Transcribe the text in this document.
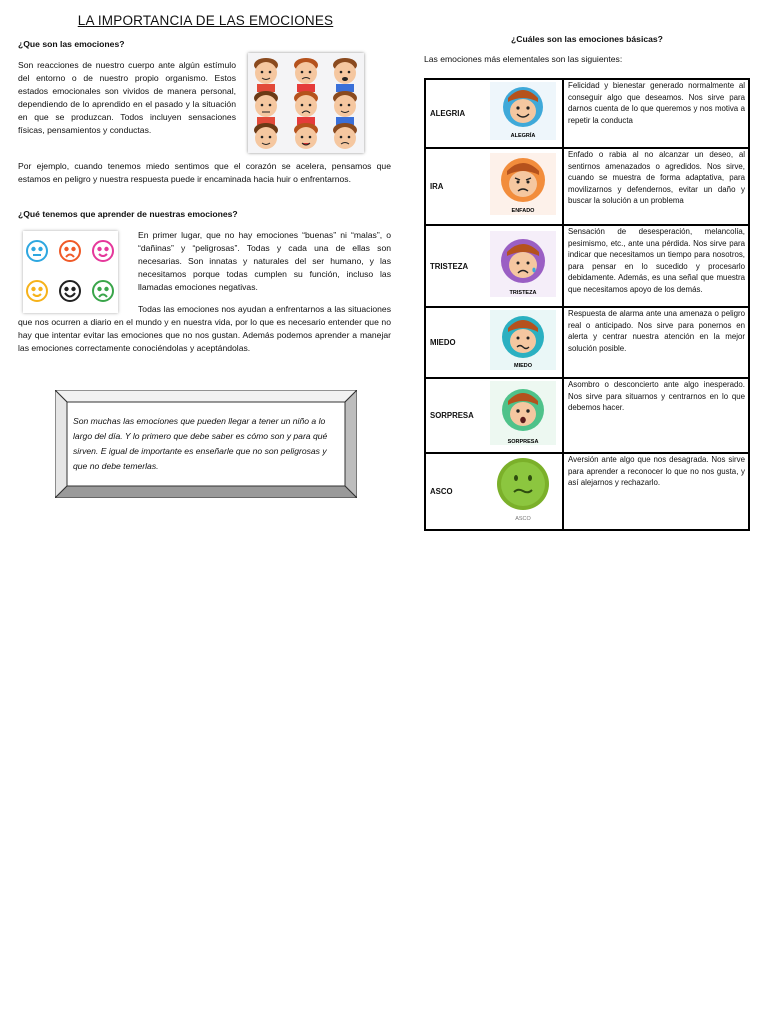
LA IMPORTANCIA DE LAS EMOCIONES
¿Que son las emociones?
Son reacciones de nuestro cuerpo ante algún estímulo del entorno o de nuestro propio organismo. Estos estados emocionales son vividos de manera personal, dependiendo de lo aprendido en el pasado y la situación en que se produzcan. Todos incluyen sensaciones físicas, pensamientos y conductas.
Por ejemplo, cuando tenemos miedo sentimos que el corazón se acelera, pensamos que estamos en peligro y nuestra respuesta puede ir encaminada hacia huir o enfrentarnos.
¿Qué tenemos que aprender de nuestras emociones?
En primer lugar, que no hay emociones “buenas” ni “malas”, o “dañinas” y “peligrosas”. Todas y cada una de ellas son necesarias. Son innatas y naturales del ser humano, y las necesitamos porque todas cumplen su función, incluso las llamadas emociones negativas.
Todas las emociones nos ayudan a enfrentarnos a las situaciones que nos ocurren a diario en el mundo y en nuestra vida, por lo que es necesario entender que no hay que intentar evitar las emociones que no nos gustan. Además podemos aprender a manejar las emociones correctamente conociéndolas y aceptándolas.
Son muchas las emociones que pueden llegar a tener un niño a lo largo del día. Y lo primero que debe saber es cómo son y para qué sirven. E igual de importante es enseñarle que no son peligrosas y que no debe temerlas.
¿Cuáles son las emociones básicas?
Las emociones más elementales son las siguientes:
ALEGRIA	ALEGRÍA	Felicidad y bienestar generado normalmente al conseguir algo que deseamos. Nos sirve para darnos cuenta de lo que queremos y nos motiva a repetir la conducta
IRA	ENFADO	Enfado o rabia al no alcanzar un deseo, al sentirnos amenazados o agredidos. Nos sirve, cuando se muestra de forma adaptativa, para movilizarnos y defendernos, evitar un daño y buscar la solución a un problema
TRISTEZA	TRISTEZA	Sensación de desesperación, melancolía, pesimismo, etc., ante una pérdida. Nos sirve para indicar que necesitamos un tiempo para nosotros, para pensar en lo sucedido y procesarlo debidamente. Además, es una señal que muestra que necesitamos apoyo de los demás.
MIEDO	MIEDO	Respuesta de alarma ante una amenaza o peligro real o anticipado. Nos sirve para ponernos en alerta y centrar nuestra atención en la mejor solución posible.
SORPRESA	SORPRESA	Asombro o desconcierto ante algo inesperado. Nos sirve para situarnos y centrarnos en lo que debemos hacer.
ASCO	ASCO	Aversión ante algo que nos desagrada. Nos sirve para aprender a reconocer lo que no nos gusta, y así alejarnos y rechazarlo.
